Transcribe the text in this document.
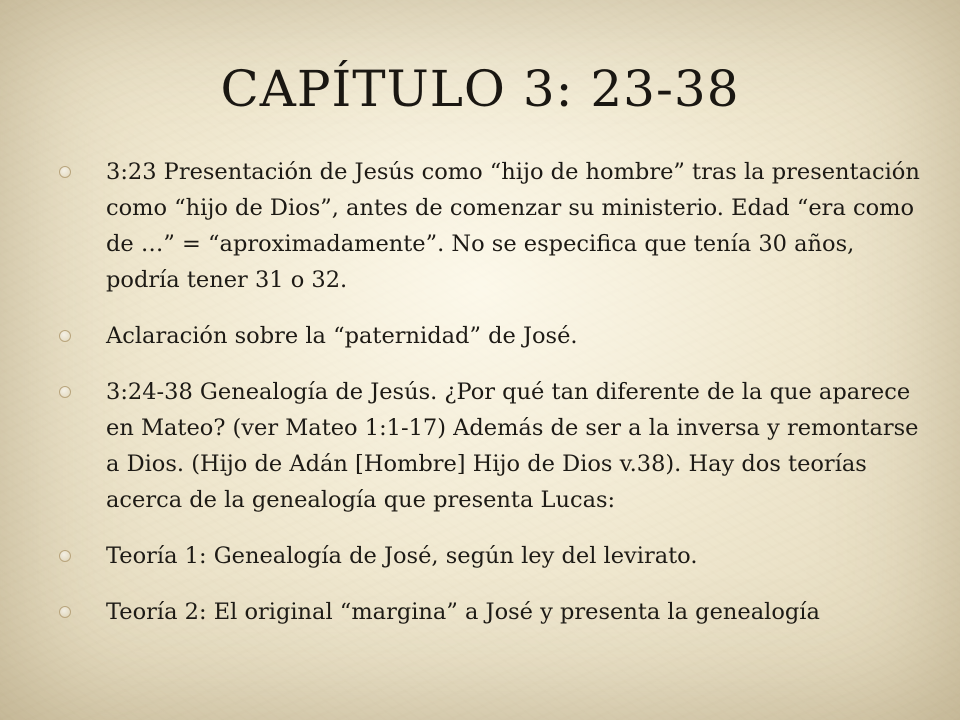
CAPÍTULO 3: 23-38
3:23 Presentación de Jesús como “hijo de hombre” tras la presentación como “hijo de Dios”, antes de comenzar su ministerio. Edad “era como de …” = “aproximadamente”. No se especifica que tenía 30 años, podría tener 31 o 32.
Aclaración sobre la “paternidad” de José.
3:24-38 Genealogía de Jesús. ¿Por qué tan diferente de la que aparece en Mateo? (ver Mateo 1:1-17) Además de ser a la inversa y remontarse a Dios. (Hijo de Adán [Hombre] Hijo de Dios v.38). Hay dos teorías acerca de la genealogía que presenta Lucas:
Teoría 1: Genealogía de José, según ley del levirato.
Teoría 2: El original “margina” a José y presenta la genealogía
